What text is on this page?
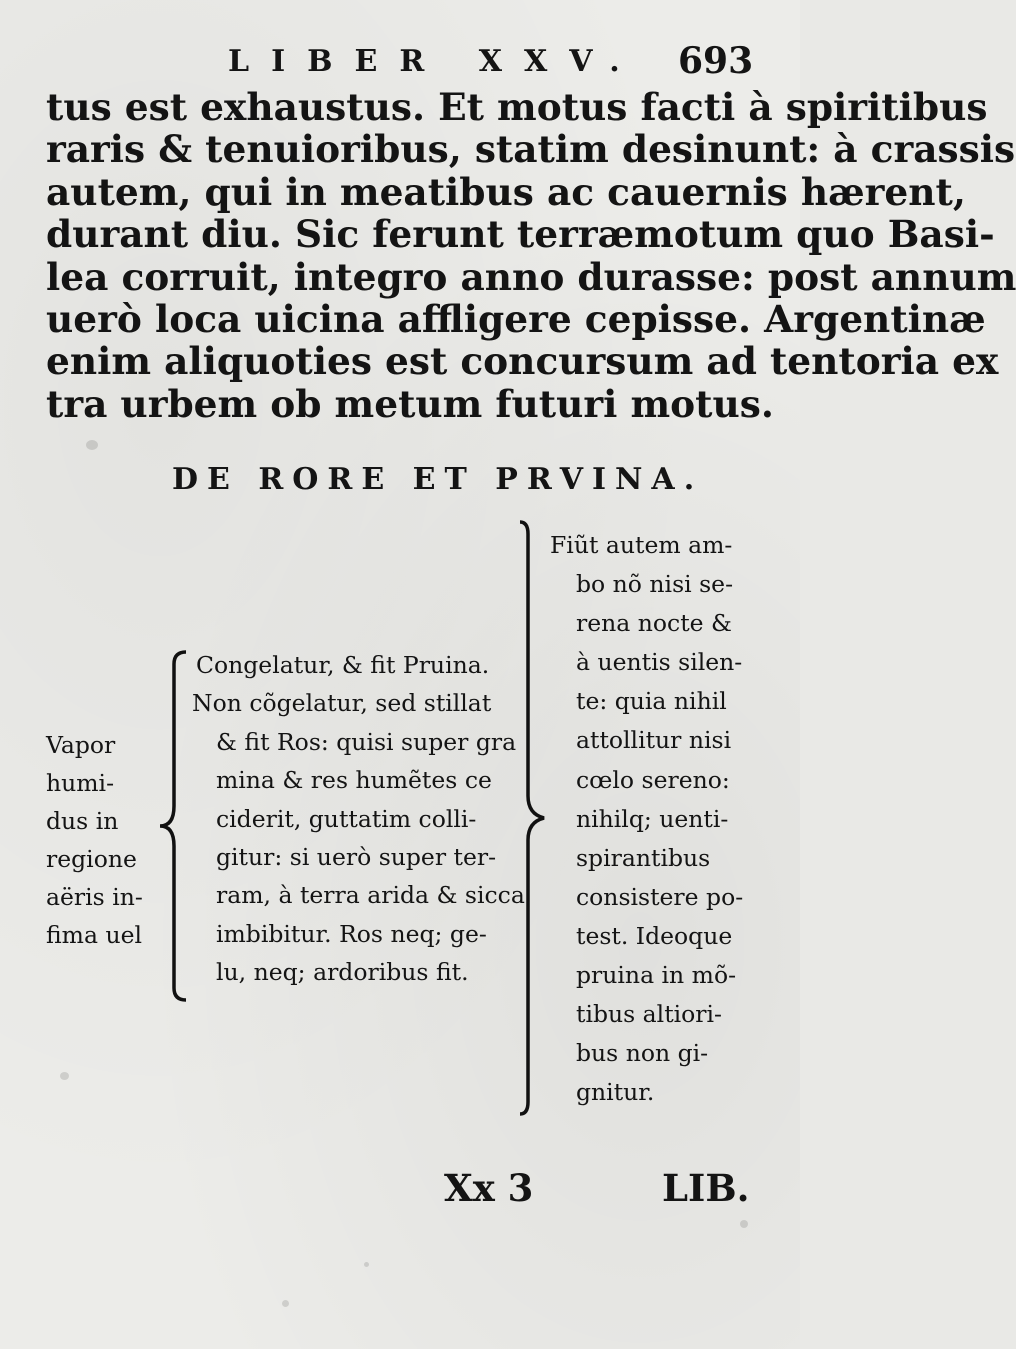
LIBER XXV. 693
tus est exhaustus. Et motus facti à spiritibus
raris & tenuioribus, statim desinunt: à crassis
autem, qui in meatibus ac cauernis hærent,
durant diu. Sic ferunt terræmotum quo Basi-
lea corruit, integro anno durasse: post annum
uerò loca uicina affligere cepisse. Argentinæ
enim aliquoties est concursum ad tentoria ex
tra urbem ob metum futuri motus.
DE RORE ET PRVINA.
Vapor
humi-
dus in
regione
aëris in-
fima uel
Congelatur, & fit Pruina.
Non cõgelatur, sed stillat
& fit Ros: quisi super gra
mina & res humẽtes ce
ciderit, guttatim colli-
gitur: si uerò super ter-
ram, à terra arida & sicca
imbibitur. Ros neq; ge-
lu, neq; ardoribus fit.
Fiũt autem am-
bo nõ nisi se-
rena nocte &
à uentis silen-
te: quia nihil
attollitur nisi
cœlo sereno:
nihilq; uenti-
spirantibus
consistere po-
test. Ideoque
pruina in mõ-
tibus altiori-
bus non gi-
gnitur.
Xx 3	LIB.
